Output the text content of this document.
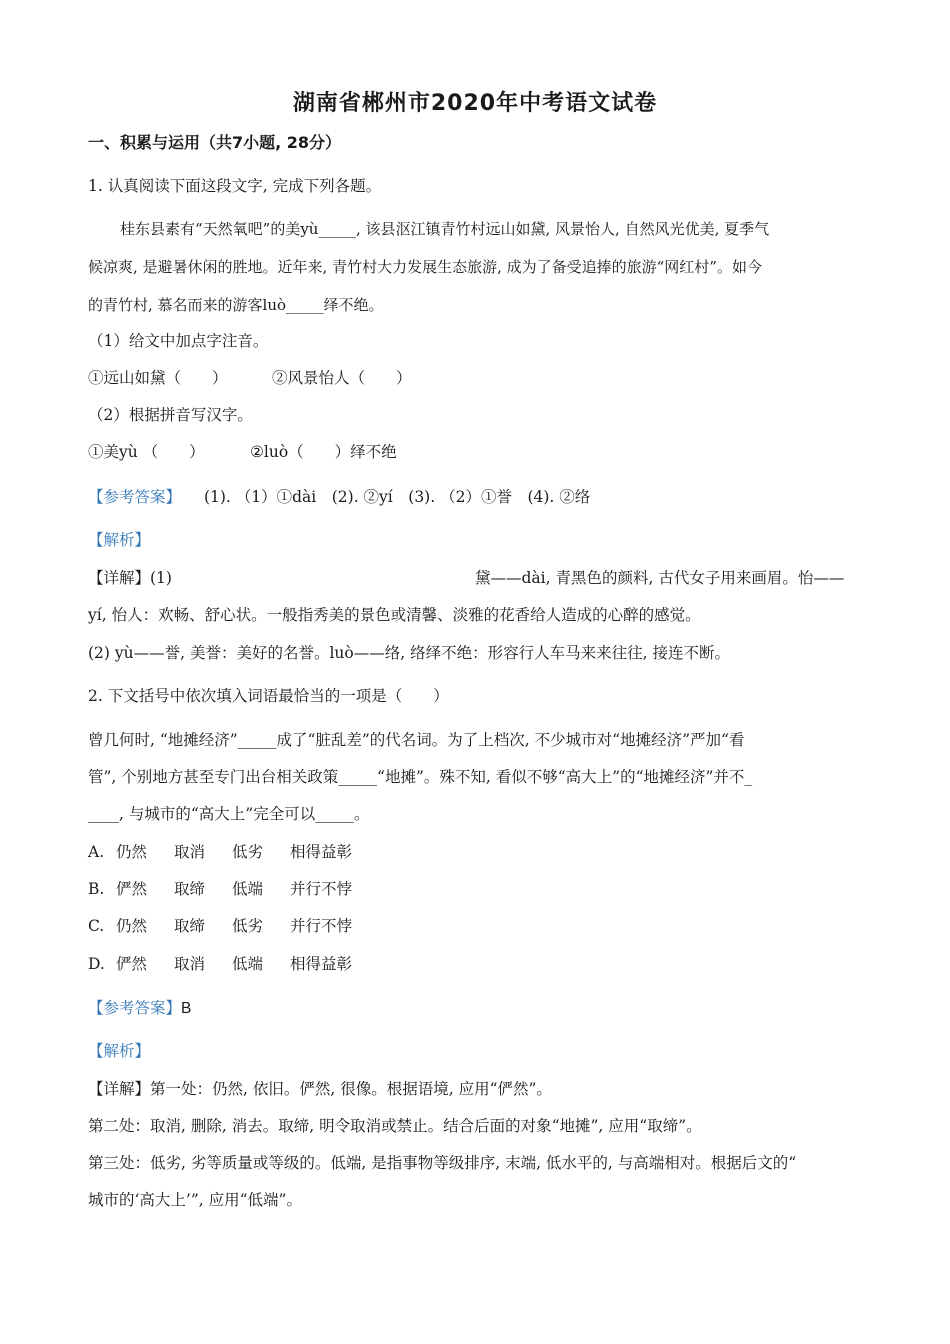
湖南省郴州市2020年中考语文试卷
一、积累与运用（共7小题, 28分）
1. 认真阅读下面这段文字, 完成下列各题。
桂东县素有“天然氧吧”的美yù_____, 该县沤江镇青竹村远山如黛, 风景怡人, 自然风光优美, 夏季气
候凉爽, 是避暑休闲的胜地。近年来, 青竹村大力发展生态旅游, 成为了备受追捧的旅游“网红村”。如今
的青竹村, 慕名而来的游客luò_____绎不绝。
（1）给文中加点字注音。
①远山如黛（　　）	②风景怡人（　　）
（2）根据拼音写汉字。
①美yù （　　）	②luò（　　）绎不绝
【参考答案】 (1). （1）①dài　(2). ②yí　(3). （2）①誉　(4). ②络
【解析】
【详解】(1)	黛——dài, 青黑色的颜料, 古代女子用来画眉。怡——
yí, 怡人：欢畅、舒心状。一般指秀美的景色或清馨、淡雅的花香给人造成的心醉的感觉。
(2) yù——誉, 美誉：美好的名誉。luò——络, 络绎不绝：形容行人车马来来往往, 接连不断。
2. 下文括号中依次填入词语最恰当的一项是（　　）
曾几何时, “地摊经济”_____成了“脏乱差”的代名词。为了上档次, 不少城市对“地摊经济”严加“看
管”, 个别地方甚至专门出台相关政策_____“地摊”。殊不知, 看似不够“高大上”的“地摊经济”并不_
____, 与城市的“高大上”完全可以_____。
A. 仍然 取消 低劣 相得益彰
B. 俨然 取缔 低端 并行不悖
C. 仍然 取缔 低劣 并行不悖
D. 俨然 取消 低端 相得益彰
【参考答案】B
【解析】
【详解】第一处：仍然, 依旧。俨然, 很像。根据语境, 应用“俨然”。
第二处：取消, 删除, 消去。取缔, 明令取消或禁止。结合后面的对象“地摊”, 应用“取缔”。
第三处：低劣, 劣等质量或等级的。低端, 是指事物等级排序, 末端, 低水平的, 与高端相对。根据后文的“
城市的‘高大上’”, 应用“低端”。
